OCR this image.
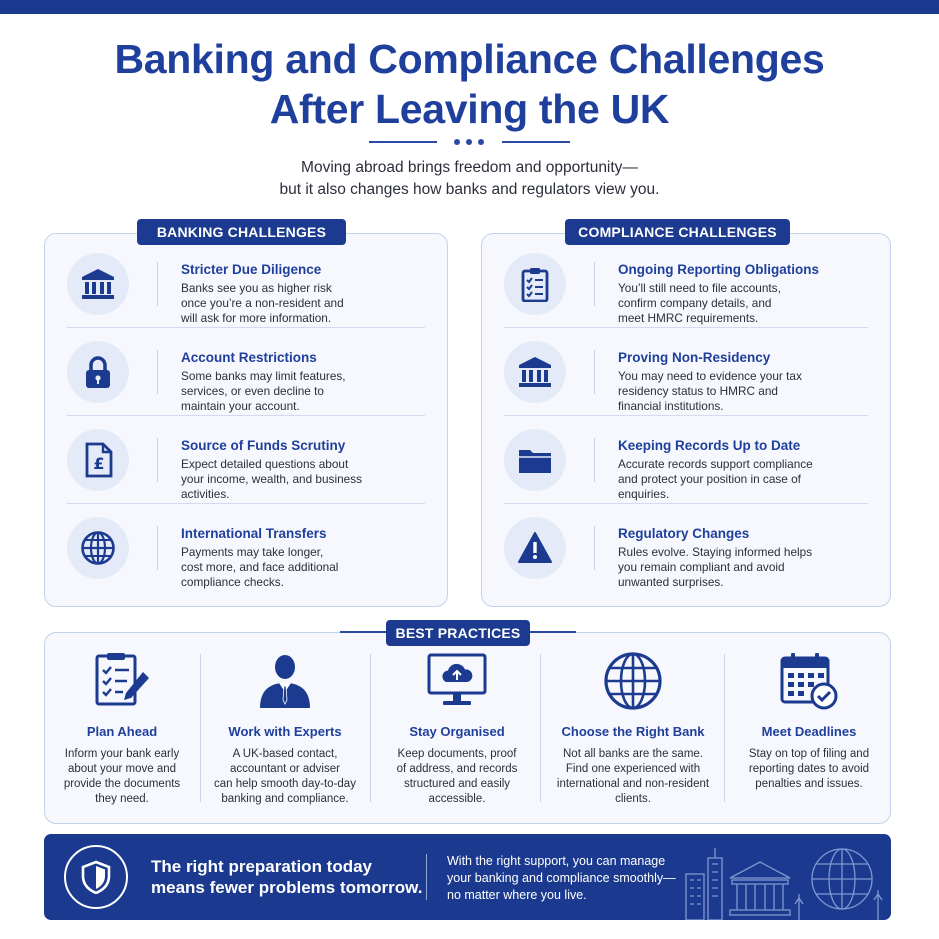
Banking and Compliance Challenges
After Leaving the UK
Moving abroad brings freedom and opportunity—
but it also changes how banks and regulators view you.
Stricter Due Diligence
Banks see you as higher risk
once you’re a non-resident and
will ask for more information.
Account Restrictions
Some banks may limit features,
services, or even decline to
maintain your account.
£
Source of Funds Scrutiny
Expect detailed questions about
your income, wealth, and business
activities.
International Transfers
Payments may take longer,
cost more, and face additional
compliance checks.
BANKING CHALLENGES
Ongoing Reporting Obligations
You’ll still need to file accounts,
confirm company details, and
meet HMRC requirements.
Proving Non-Residency
You may need to evidence your tax
residency status to HMRC and
financial institutions.
Keeping Records Up to Date
Accurate records support compliance
and protect your position in case of
enquiries.
Regulatory Changes
Rules evolve. Staying informed helps
you remain compliant and avoid
unwanted surprises.
COMPLIANCE CHALLENGES
BEST PRACTICES
Plan Ahead
Inform your bank early
about your move and
provide the documents
they need.
Work with Experts
A UK-based contact,
accountant or adviser
can help smooth day-to-day
banking and compliance.
Stay Organised
Keep documents, proof
of address, and records
structured and easily
accessible.
Choose the Right Bank
Not all banks are the same.
Find one experienced with
international and non-resident
clients.
Meet Deadlines
Stay on top of filing and
reporting dates to avoid
penalties and issues.
The right preparation today
means fewer problems tomorrow.
With the right support, you can manage
your banking and compliance smoothly—
no matter where you live.
